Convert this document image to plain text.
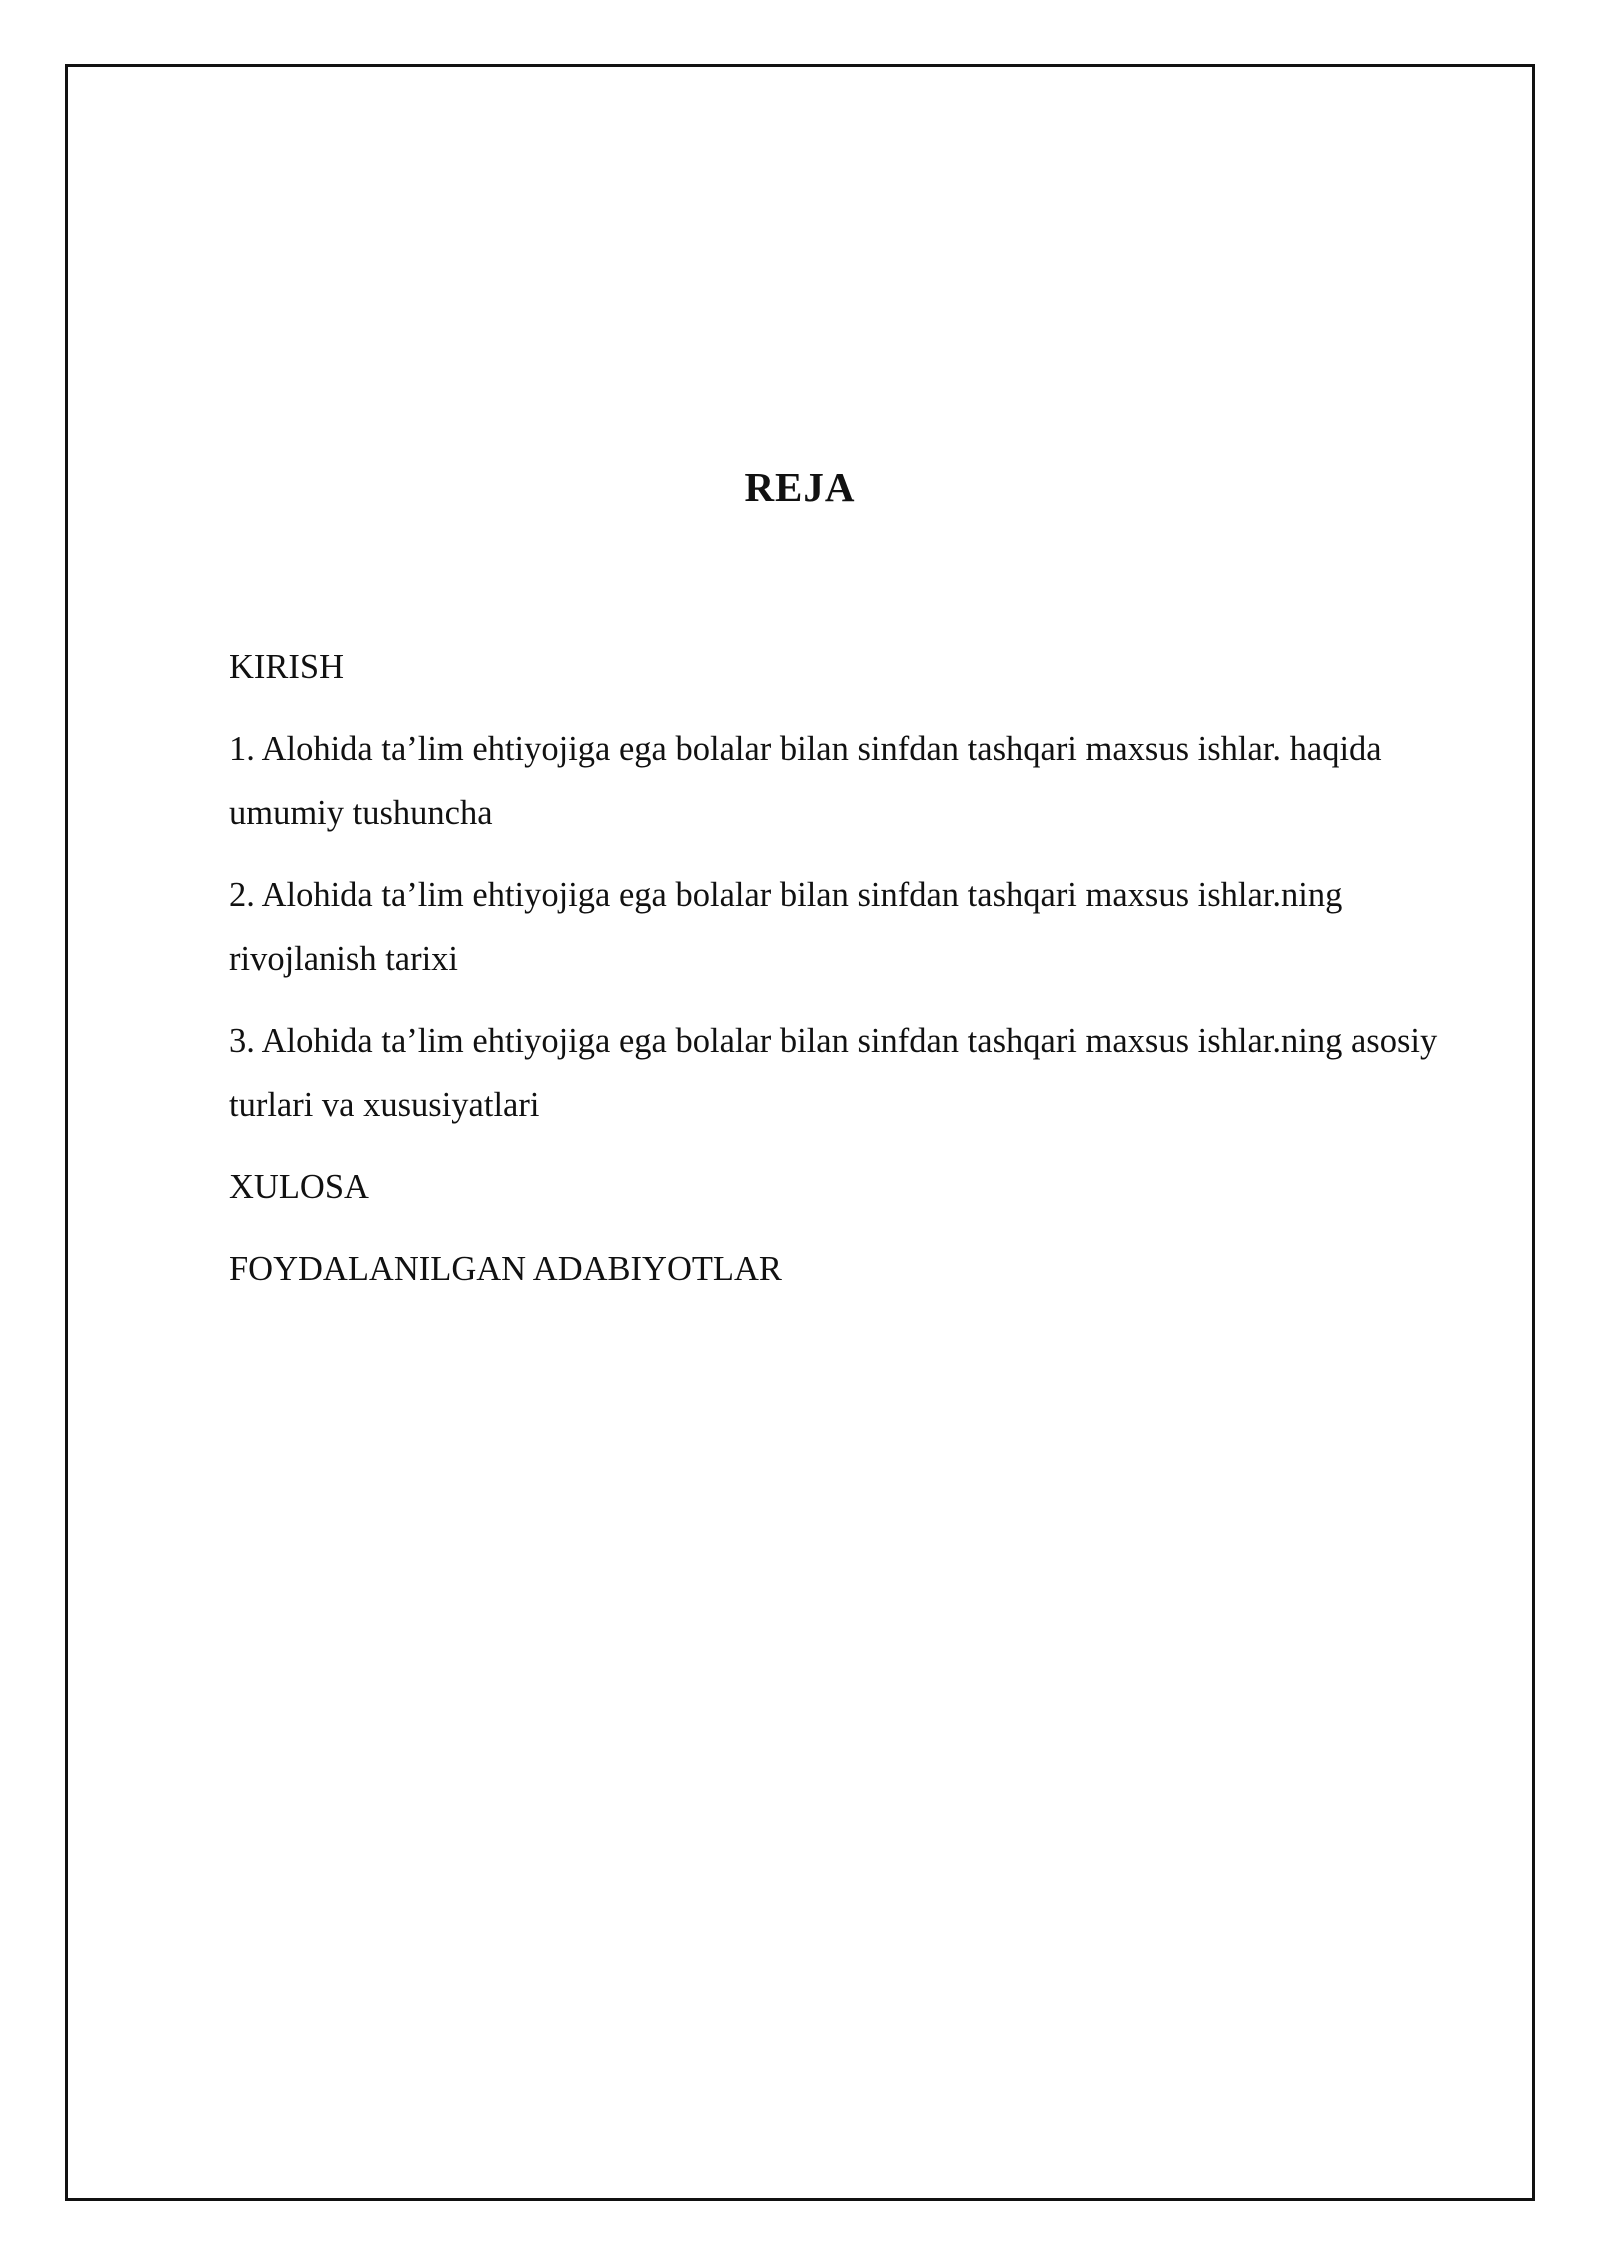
REJA
KIRISH
1. Alohida ta’lim ehtiyojiga ega bolalar bilan sinfdan tashqari maxsus ishlar. haqida umumiy tushuncha
2. Alohida ta’lim ehtiyojiga ega bolalar bilan sinfdan tashqari maxsus ishlar.ning rivojlanish tarixi
3. Alohida ta’lim ehtiyojiga ega bolalar bilan sinfdan tashqari maxsus ishlar.ning asosiy turlari va xususiyatlari
XULOSA
FOYDALANILGAN ADABIYOTLAR
